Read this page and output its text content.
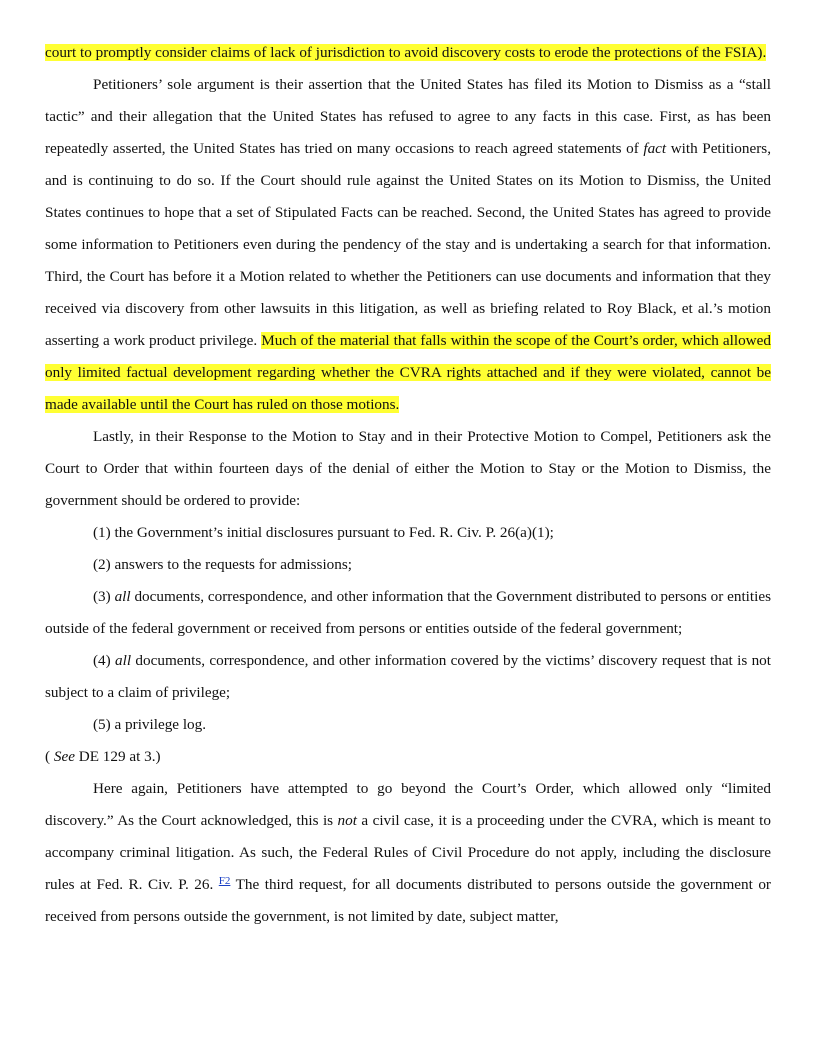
court to promptly consider claims of lack of jurisdiction to avoid discovery costs to erode the protections of the FSIA).

Petitioners’ sole argument is their assertion that the United States has filed its Motion to Dismiss as a “stall tactic” and their allegation that the United States has refused to agree to any facts in this case. First, as has been repeatedly asserted, the United States has tried on many occasions to reach agreed statements of fact with Petitioners, and is continuing to do so. If the Court should rule against the United States on its Motion to Dismiss, the United States continues to hope that a set of Stipulated Facts can be reached. Second, the United States has agreed to provide some information to Petitioners even during the pendency of the stay and is undertaking a search for that information. Third, the Court has before it a Motion related to whether the Petitioners can use documents and information that they received via discovery from other lawsuits in this litigation, as well as briefing related to Roy Black, et al.’s motion asserting a work product privilege. Much of the material that falls within the scope of the Court’s order, which allowed only limited factual development regarding whether the CVRA rights attached and if they were violated, cannot be made available until the Court has ruled on those motions.

Lastly, in their Response to the Motion to Stay and in their Protective Motion to Compel, Petitioners ask the Court to Order that within fourteen days of the denial of either the Motion to Stay or the Motion to Dismiss, the government should be ordered to provide:

(1) the Government’s initial disclosures pursuant to Fed. R. Civ. P. 26(a)(1);

(2) answers to the requests for admissions;

(3) all documents, correspondence, and other information that the Government distributed to persons or entities outside of the federal government or received from persons or entities outside of the federal government;

(4) all documents, correspondence, and other information covered by the victims’ discovery request that is not subject to a claim of privilege;

(5) a privilege log.

( See DE 129 at 3.)

Here again, Petitioners have attempted to go beyond the Court’s Order, which allowed only “limited discovery.” As the Court acknowledged, this is not a civil case, it is a proceeding under the CVRA, which is meant to accompany criminal litigation. As such, the Federal Rules of Civil Procedure do not apply, including the disclosure rules at Fed. R. Civ. P. 26. $^{F2}$ The third request, for all documents distributed to persons outside the government or received from persons outside the government, is not limited by date, subject matter,
